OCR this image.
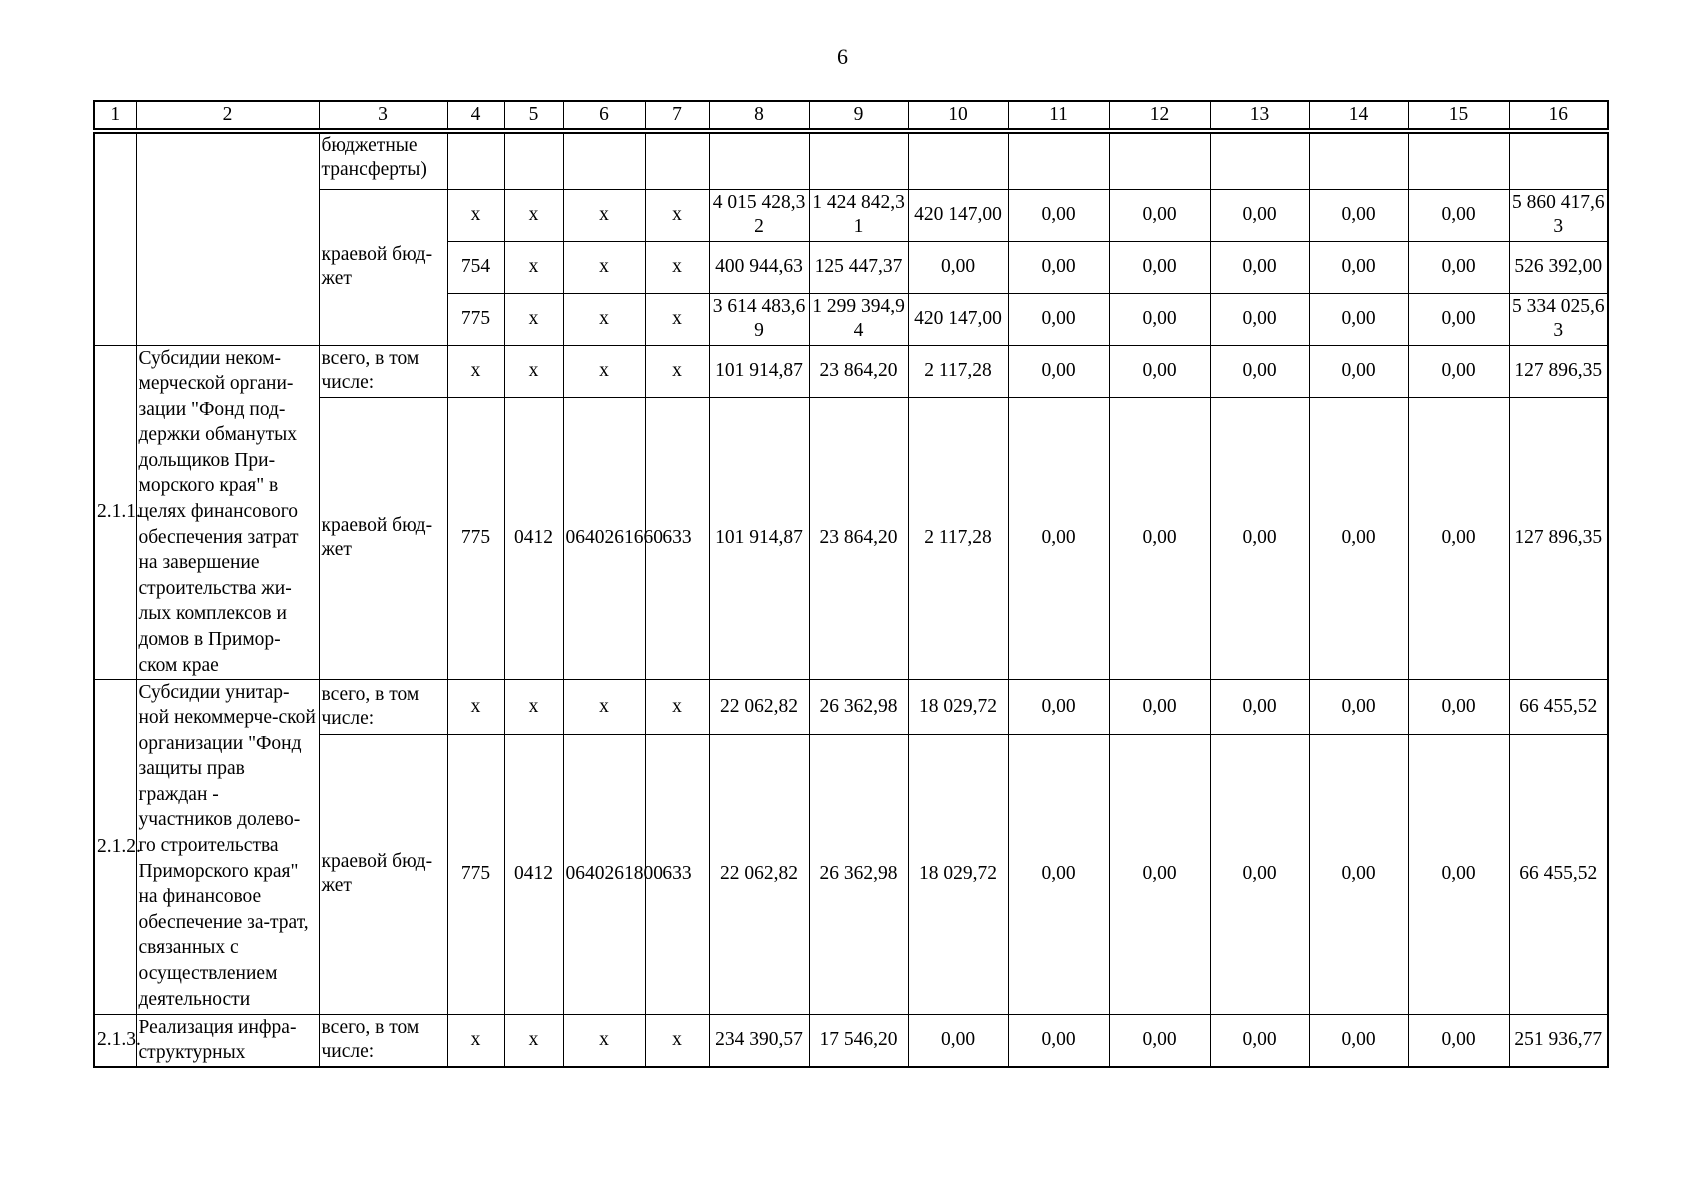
6
1	2	3	4	5	6	7	8	9	10	11	12	13	14	15	16
		бюджетные трансферты)													
		краевой бюд-жет	x	x	x	x	4 015 428,32	1 424 842,31	420 147,00	0,00	0,00	0,00	0,00	0,00	5 860 417,63
			754	x	x	x	400 944,63	125 447,37	0,00	0,00	0,00	0,00	0,00	0,00	526 392,00
			775	x	x	x	3 614 483,69	1 299 394,94	420 147,00	0,00	0,00	0,00	0,00	0,00	5 334 025,63
2.1.1.	Субсидии неком-мерческой органи-зации "Фонд под-держки обманутых дольщиков При-морского края" в целях финансового обеспечения затрат на завершение строительства жи-лых комплексов и домов в Примор-ском крае	всего, в том числе:	x	x	x	x	101 914,87	23 864,20	2 117,28	0,00	0,00	0,00	0,00	0,00	127 896,35
		краевой бюд-жет	775	0412	0640261660	633	101 914,87	23 864,20	2 117,28	0,00	0,00	0,00	0,00	0,00	127 896,35
2.1.2.	Субсидии унитар-ной некоммерче-ской организации "Фонд защиты прав граждан - участников долево-го строительства Приморского края" на финансовое обеспечение за-трат, связанных с осуществлением деятельности	всего, в том числе:	x	x	x	x	22 062,82	26 362,98	18 029,72	0,00	0,00	0,00	0,00	0,00	66 455,52
		краевой бюд-жет	775	0412	0640261800	633	22 062,82	26 362,98	18 029,72	0,00	0,00	0,00	0,00	0,00	66 455,52
2.1.3.	Реализация инфра-структурных	всего, в том числе:	x	x	x	x	234 390,57	17 546,20	0,00	0,00	0,00	0,00	0,00	0,00	251 936,77
